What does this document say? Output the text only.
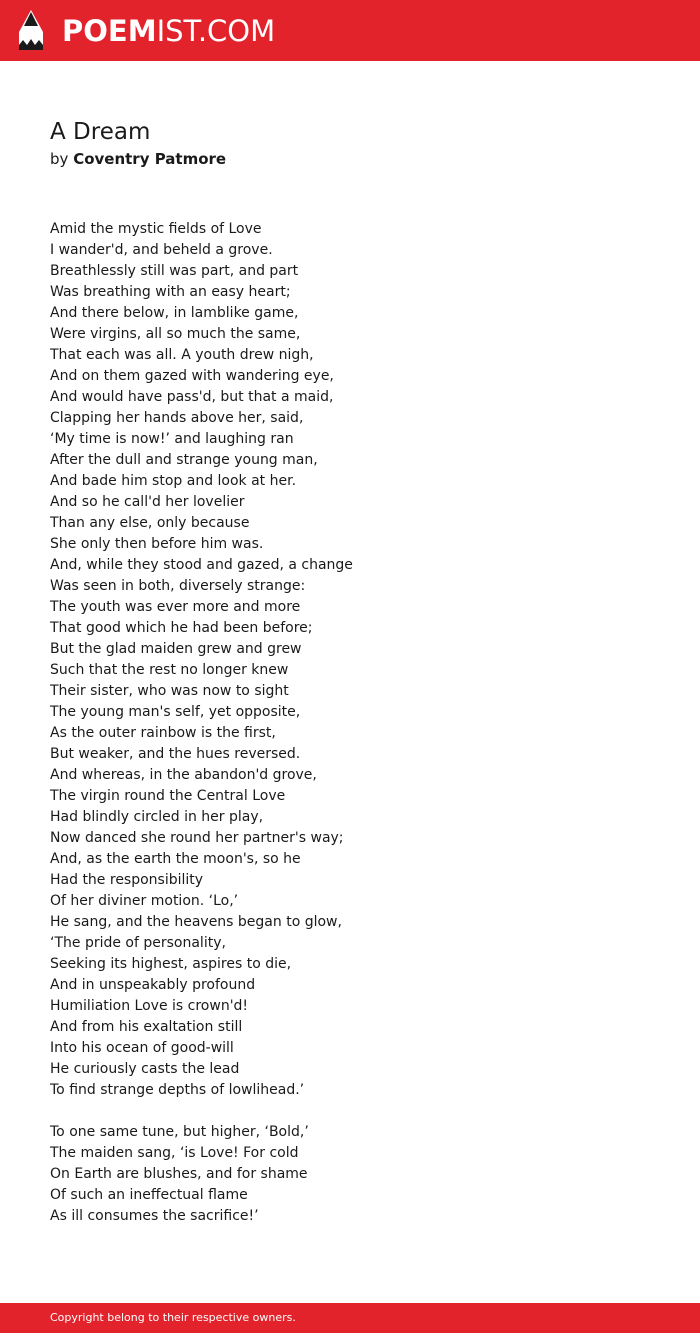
POEMIST.COM
A Dream
by Coventry Patmore
Amid the mystic fields of Love
I wander'd, and beheld a grove.
Breathlessly still was part, and part
Was breathing with an easy heart;
And there below, in lamblike game,
Were virgins, all so much the same,
That each was all. A youth drew nigh,
And on them gazed with wandering eye,
And would have pass'd, but that a maid,
Clapping her hands above her, said,
‘My time is now!’ and laughing ran
After the dull and strange young man,
And bade him stop and look at her.
And so he call'd her lovelier
Than any else, only because
She only then before him was.
And, while they stood and gazed, a change
Was seen in both, diversely strange:
The youth was ever more and more
That good which he had been before;
But the glad maiden grew and grew
Such that the rest no longer knew
Their sister, who was now to sight
The young man's self, yet opposite,
As the outer rainbow is the first,
But weaker, and the hues reversed.
And whereas, in the abandon'd grove,
The virgin round the Central Love
Had blindly circled in her play,
Now danced she round her partner's way;
And, as the earth the moon's, so he
Had the responsibility
Of her diviner motion. ‘Lo,’
He sang, and the heavens began to glow,
‘The pride of personality,
Seeking its highest, aspires to die,
And in unspeakably profound
Humiliation Love is crown'd!
And from his exaltation still
Into his ocean of good-will
He curiously casts the lead
To find strange depths of lowlihead.’
To one same tune, but higher, ‘Bold,’
The maiden sang, ‘is Love! For cold
On Earth are blushes, and for shame
Of such an ineffectual flame
As ill consumes the sacrifice!’
Copyright belong to their respective owners.
